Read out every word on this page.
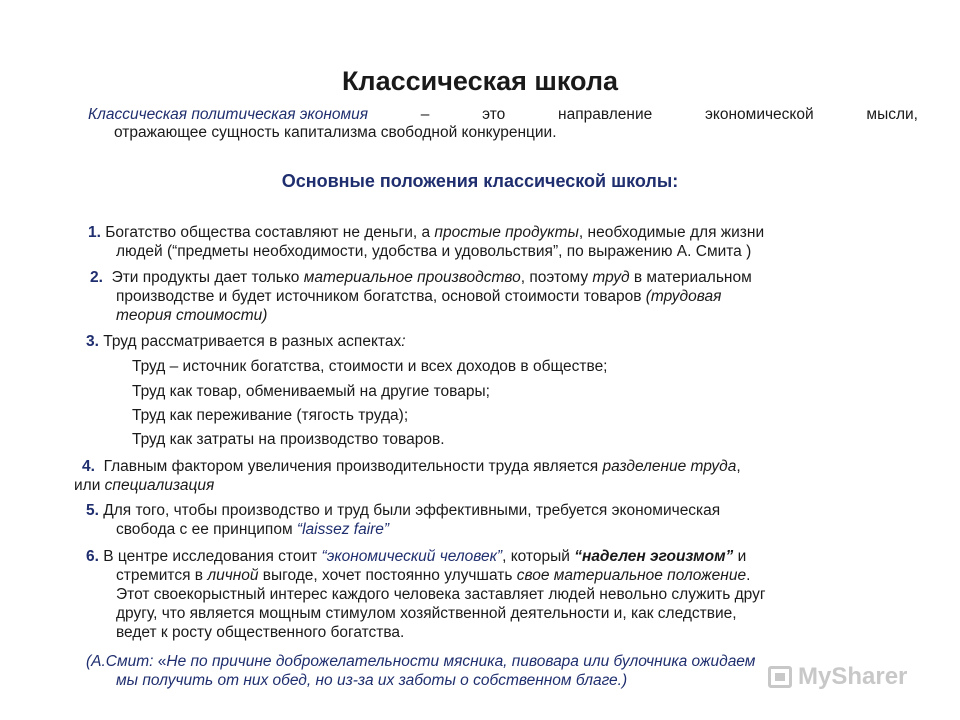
Классическая школа
Классическая политическая экономия	–	это	направление	экономической	мысли,
отражающее сущность капитализма свободной конкуренции.
Основные положения классической школы:
1. Богатство общества составляют не деньги, а простые продукты, необходимые для жизни
людей (“предметы необходимости, удобства и удовольствия”, по выражению А. Смита )
2. Эти продукты дает только материальное производство, поэтому труд в материальном
производстве и будет источником богатства, основой стоимости товаров (трудовая
теория стоимости)
3. Труд рассматривается в разных аспектах:
Труд – источник богатства, стоимости и всех доходов в обществе;
Труд как товар, обмениваемый на другие товары;
Труд как переживание (тягость труда);
Труд как затраты на производство товаров.
4. Главным фактором увеличения производительности труда является разделение труда,
или специализация
5. Для того, чтобы производство и труд были эффективными, требуется экономическая
свобода с ее принципом “laissez faire”
6. В центре исследования стоит “экономический человек”, который “наделен эгоизмом” и
стремится в личной выгоде, хочет постоянно улучшать свое материальное положение.
Этот своекорыстный интерес каждого человека заставляет людей невольно служить друг
другу, что является мощным стимулом хозяйственной деятельности и, как следствие,
ведет к росту общественного богатства.
(А.Смит: «Не по причине доброжелательности мясника, пивовара или булочника ожидаем
мы получить от них обед, но из-за их заботы о собственном благе.)	MySharer
